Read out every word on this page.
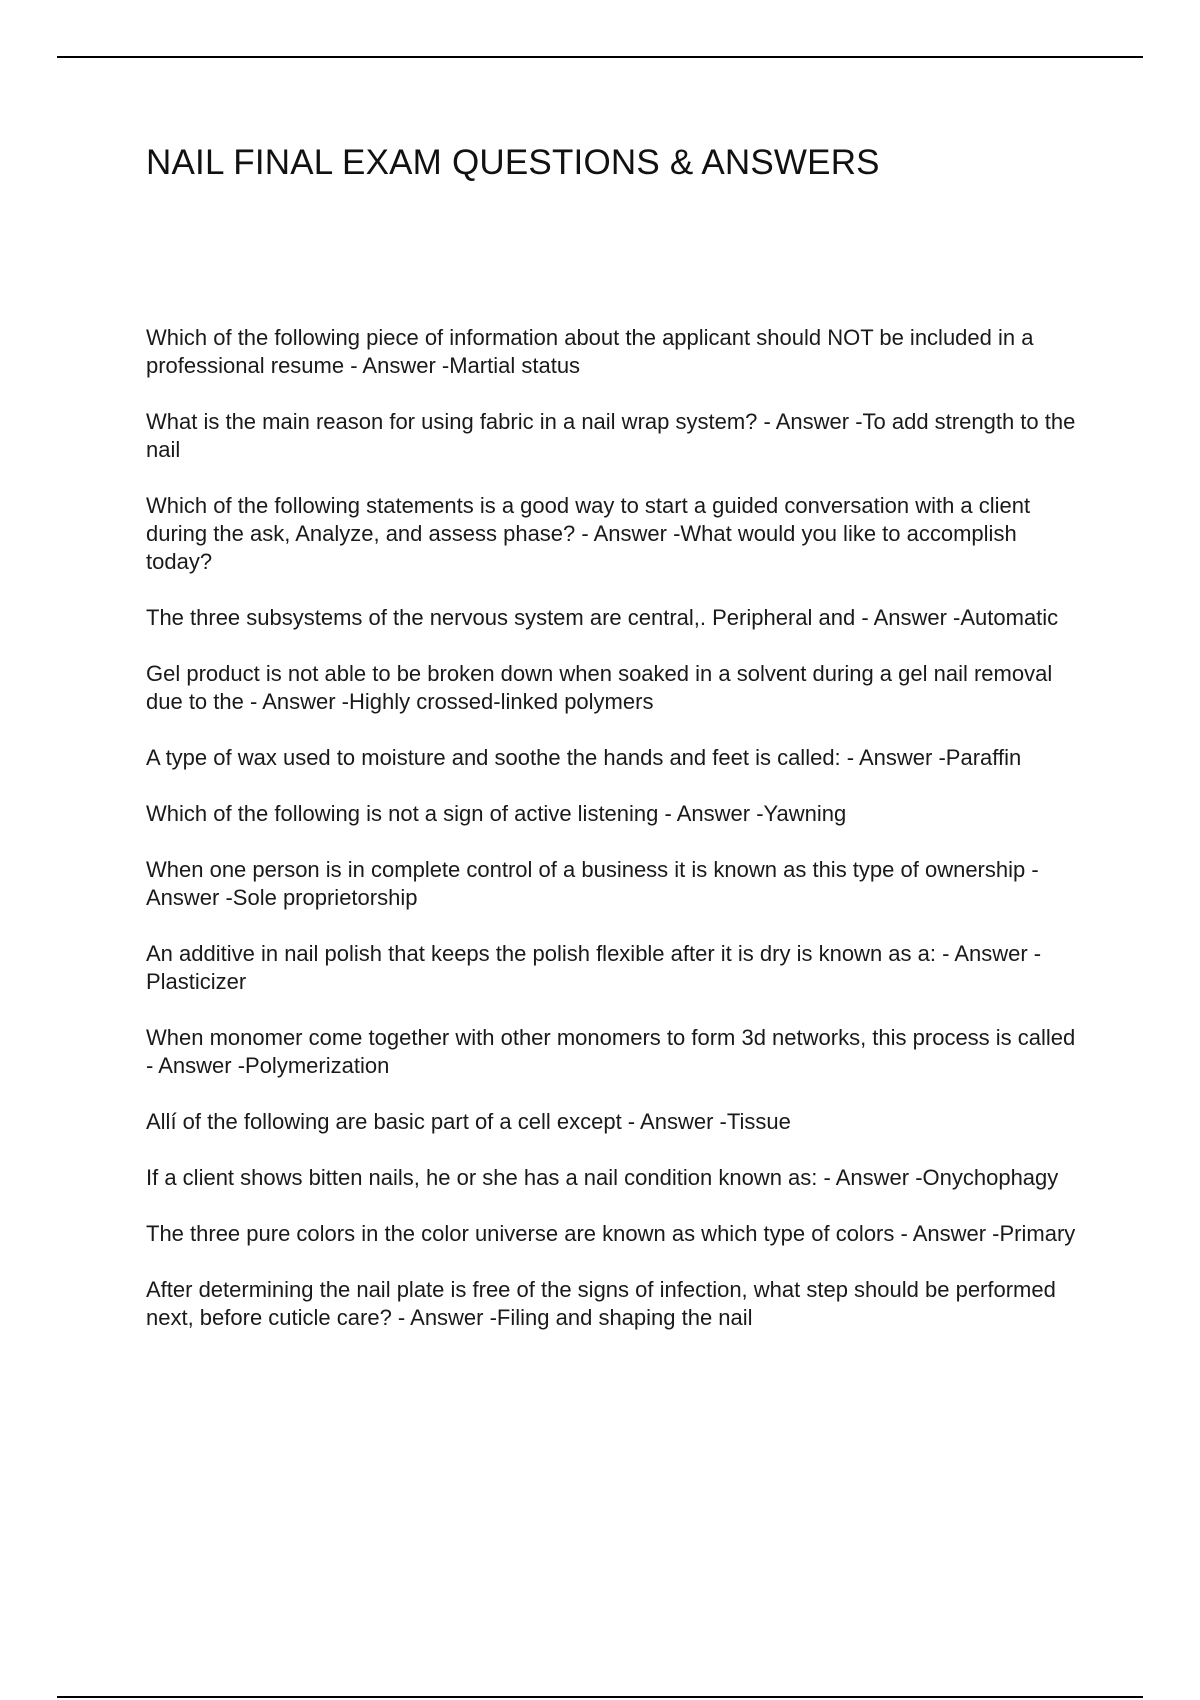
NAIL FINAL EXAM QUESTIONS & ANSWERS
Which of the following piece of information about the applicant should NOT be included in a professional resume - Answer -Martial status
What is the main reason for using fabric in a nail wrap system? - Answer -To add strength to the nail
Which of the following statements is a good way to start a guided conversation with a client during the ask, Analyze, and assess phase? - Answer -What would you like to accomplish today?
The three subsystems of the nervous system are central,. Peripheral and - Answer -Automatic
Gel product is not able to be broken down when soaked in a solvent during a gel nail removal due to the - Answer -Highly crossed-linked polymers
A type of wax used to moisture and soothe the hands and feet is called: - Answer -Paraffin
Which of the following is not a sign of active listening - Answer -Yawning
When one person is in complete control of a business it is known as this type of ownership - Answer -Sole proprietorship
An additive in nail polish that keeps the polish flexible after it is dry is known as a: - Answer -Plasticizer
When monomer come together with other monomers to form 3d networks, this process is called - Answer -Polymerization
Allí of the following are basic part of a cell except - Answer -Tissue
If a client shows bitten nails, he or she has a nail condition known as: - Answer -Onychophagy
The three pure colors in the color universe are known as which type of colors - Answer -Primary
After determining the nail plate is free of the signs of infection, what step should be performed next, before cuticle care? - Answer -Filing and shaping the nail
